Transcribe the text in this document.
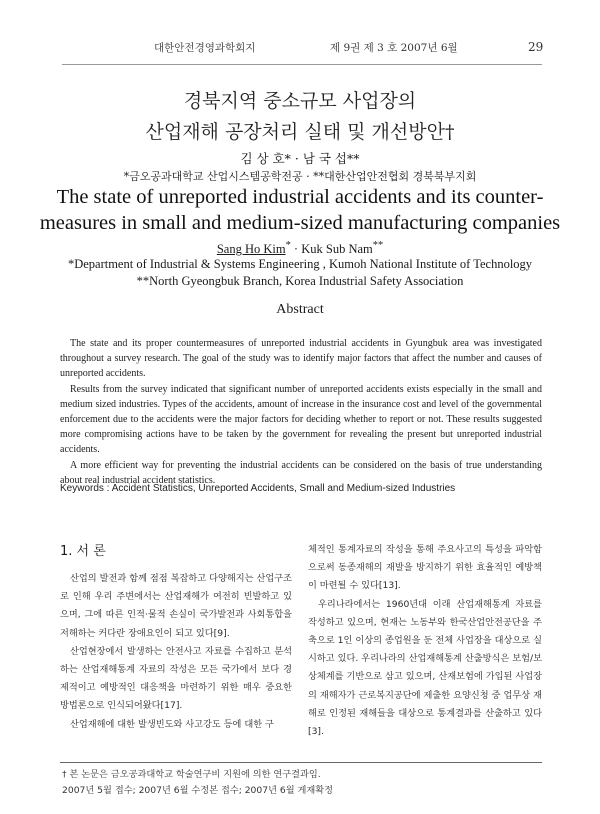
대한안전경영과학회지	제 9권 제 3 호 2007년 6월	29
경북지역 중소규모 사업장의
산업재해 공장처리 실태 및 개선방안†
김 상 호* · 남 국 섭**
*금오공과대학교 산업시스템공학전공 · **대한산업안전협회 경북북부지회
The state of unreported industrial accidents and its counter-
measures in small and medium-sized manufacturing companies
Sang Ho Kim* · Kuk Sub Nam**
*Department of Industrial & Systems Engineering , Kumoh National Institute of Technology
**North Gyeongbuk Branch, Korea Industrial Safety Association
Abstract

The state and its proper countermeasures of unreported industrial accidents in Gyungbuk area was investigated throughout a survey research. The goal of the study was to identify major factors that affect the number and causes of unreported accidents.

Results from the survey indicated that significant number of unreported accidents exists especially in the small and medium sized industries. Types of the accidents, amount of increase in the insurance cost and level of the governmental enforcement due to the accidents were the major factors for deciding whether to report or not. These results suggested more compromising actions have to be taken by the government for revealing the present but unreported industrial accidents.

A more efficient way for preventing the industrial accidents can be considered on the basis of true understanding about real industrial accident statistics.

Keywords : Accident Statistics, Unreported Accidents, Small and Medium-sized Industries
1. 서 론

산업의 발전과 함께 점점 복잡하고 다양해지는 산업구조로 인해 우리 주변에서는 산업재해가 여전히 빈발하고 있으며, 그에 따른 인적·물적 손실이 국가발전과 사회통합을 저해하는 커다란 장애요인이 되고 있다[9].

산업현장에서 발생하는 안전사고 자료를 수집하고 분석하는 산업재해통계 자료의 작성은 모든 국가에서 보다 경제적이고 예방적인 대응책을 마련하기 위한 매우 중요한 방법론으로 인식되어왔다[17].

산업재해에 대한 발생빈도와 사고강도 등에 대한 구

체적인 통계자료의 작성을 통해 주요사고의 특성을 파악함으로써 동종재해의 재발을 방지하기 위한 효율적인 예방책이 마련될 수 있다[13].

우리나라에서는 1960년대 이래 산업재해통계 자료를 작성하고 있으며, 현재는 노동부와 한국산업안전공단을 주축으로 1인 이상의 종업원을 둔 전체 사업장을 대상으로 실시하고 있다. 우리나라의 산업재해통계 산출방식은 보험/보상체계를 기반으로 삼고 있으며, 산재보험에 가입된 사업장의 재해자가 근로복지공단에 제출한 요양신청 중 업무상 재해로 인정된 재해들을 대상으로 통계결과를 산출하고 있다[3].

† 본 논문은 금오공과대학교 학술연구비 지원에 의한 연구결과임.
2007년 5월 접수; 2007년 6월 수정본 접수; 2007년 6월 게재확정
